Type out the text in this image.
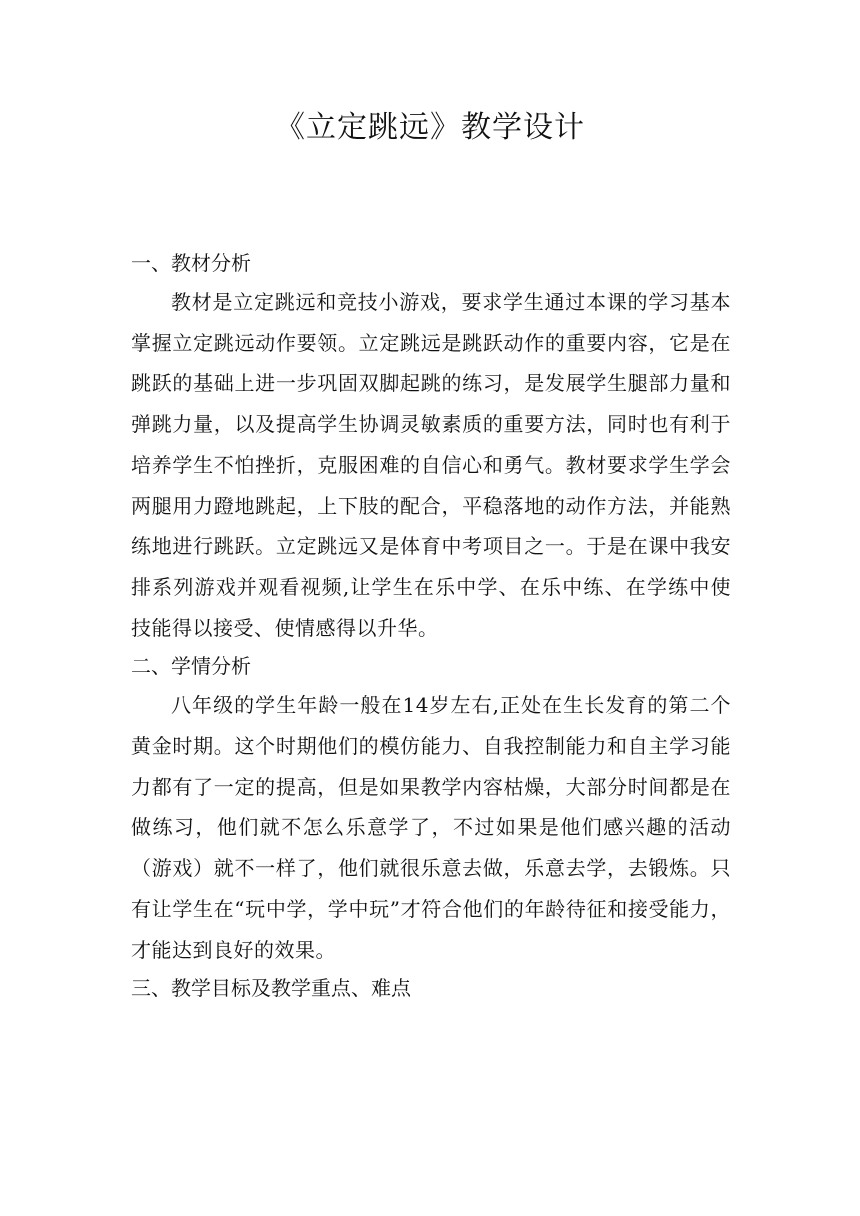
《立定跳远》教学设计

一、教材分析

教材是立定跳远和竞技小游戏，要求学生通过本课的学习基本掌握立定跳远动作要领。立定跳远是跳跃动作的重要内容，它是在跳跃的基础上进一步巩固双脚起跳的练习，是发展学生腿部力量和弹跳力量，以及提高学生协调灵敏素质的重要方法，同时也有利于培养学生不怕挫折，克服困难的自信心和勇气。教材要求学生学会两腿用力蹬地跳起，上下肢的配合，平稳落地的动作方法，并能熟练地进行跳跃。立定跳远又是体育中考项目之一。于是在课中我安排系列游戏并观看视频,让学生在乐中学、在乐中练、在学练中使技能得以接受、使情感得以升华。

二、学情分析

八年级的学生年龄一般在14岁左右,正处在生长发育的第二个黄金时期。这个时期他们的模仿能力、自我控制能力和自主学习能力都有了一定的提高，但是如果教学内容枯燥，大部分时间都是在做练习，他们就不怎么乐意学了，不过如果是他们感兴趣的活动（游戏）就不一样了，他们就很乐意去做，乐意去学，去锻炼。只有让学生在“玩中学，学中玩”才符合他们的年龄待征和接受能力，才能达到良好的效果。

三、教学目标及教学重点、难点
